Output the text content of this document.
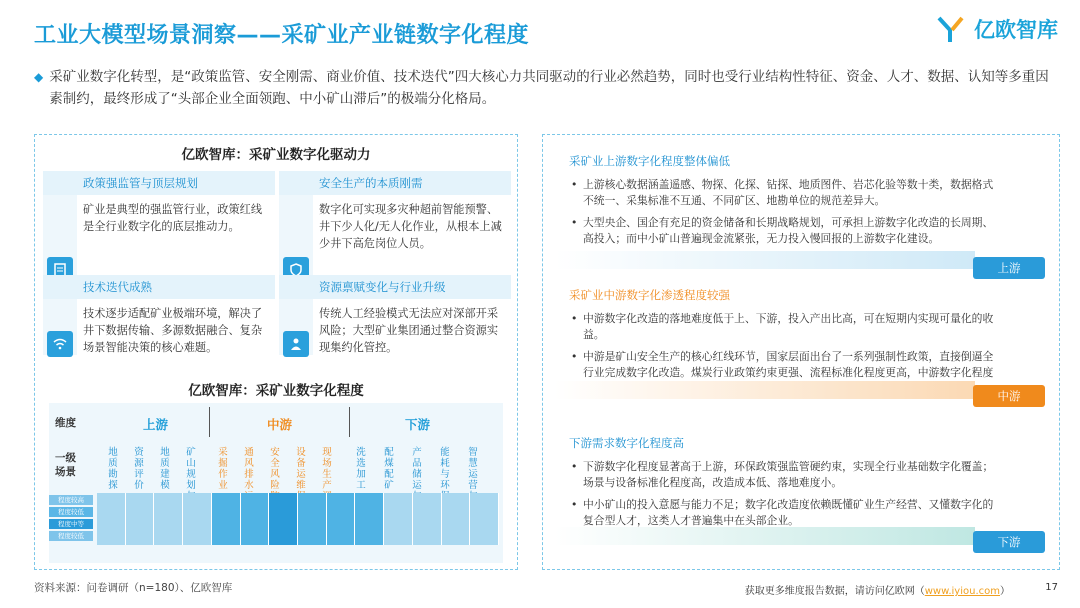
工业大模型场景洞察——采矿业产业链数字化程度	亿欧智库
◆ 采矿业数字化转型，是“政策监管、安全刚需、商业价值、技术迭代”四大核心力共同驱动的行业必然趋势，同时也受行业结构性特征、资金、人才、数据、认知等多重因素制约，最终形成了“头部企业全面领跑、中小矿山滞后”的极端分化格局。
亿欧智库：采矿业数字化驱动力
政策强监管与顶层规划
矿业是典型的强监管行业，政策红线是全行业数字化的底层推动力。
安全生产的本质刚需
数字化可实现多灾种超前智能预警、井下少人化/无人化作业，从根本上减少井下高危岗位人员。
技术迭代成熟
技术逐步适配矿业极端环境，解决了井下数据传输、多源数据融合、复杂场景智能决策的核心难题。
资源禀赋变化与行业升级
传统人工经验模式无法应对深部开采风险；大型矿业集团通过整合资源实现集约化管控。
亿欧智库：采矿业数字化程度
维度
一级场景
上游	中游	下游
地质勘探
资源评价
地质建模
矿山规划
采掘作业
通风排水
安全风险
设备运维
现场生产
洗选加工
配煤配矿
产品储运
能耗与环
智慧运营
程度较高
程度较低
程度中等
程度较低
采矿业上游数字化程度整体偏低
• 上游核心数据涵盖遥感、物探、化探、钻探、地质图件、岩芯化验等数十类，数据格式不统一、采集标准不互通、不同矿区、地勘单位的规范差异大。
• 大型央企、国企有充足的资金储备和长期战略规划，可承担上游数字化改造的长周期、高投入；而中小矿山普遍现金流紧张，无力投入慢回报的上游数字化建设。
上游
采矿业中游数字化渗透程度较强
• 中游数字化改造的落地难度低于上、下游，投入产出比高，可在短期内实现可量化的收益。
• 中游是矿山安全生产的核心红线环节，国家层面出台了一系列强制性政策，直接倒逼全行业完成数字化改造。煤炭行业政策约束更强、流程标准化程度更高，中游数字化程度
中游
下游需求数字化程度高
• 下游数字化程度显著高于上游，环保政策强监管硬约束，实现全行业基础数字化覆盖；场景与设备标准化程度高，改造成本低、落地难度小。
• 中小矿山的投入意愿与能力不足；数字化改造度依赖既懂矿业生产经营、又懂数字化的复合型人才，这类人才普遍集中在头部企业。
下游
资料来源：问卷调研（n=180）、亿欧智库	获取更多维度报告数据，请访问亿欧网（www.iyiou.com）	17
